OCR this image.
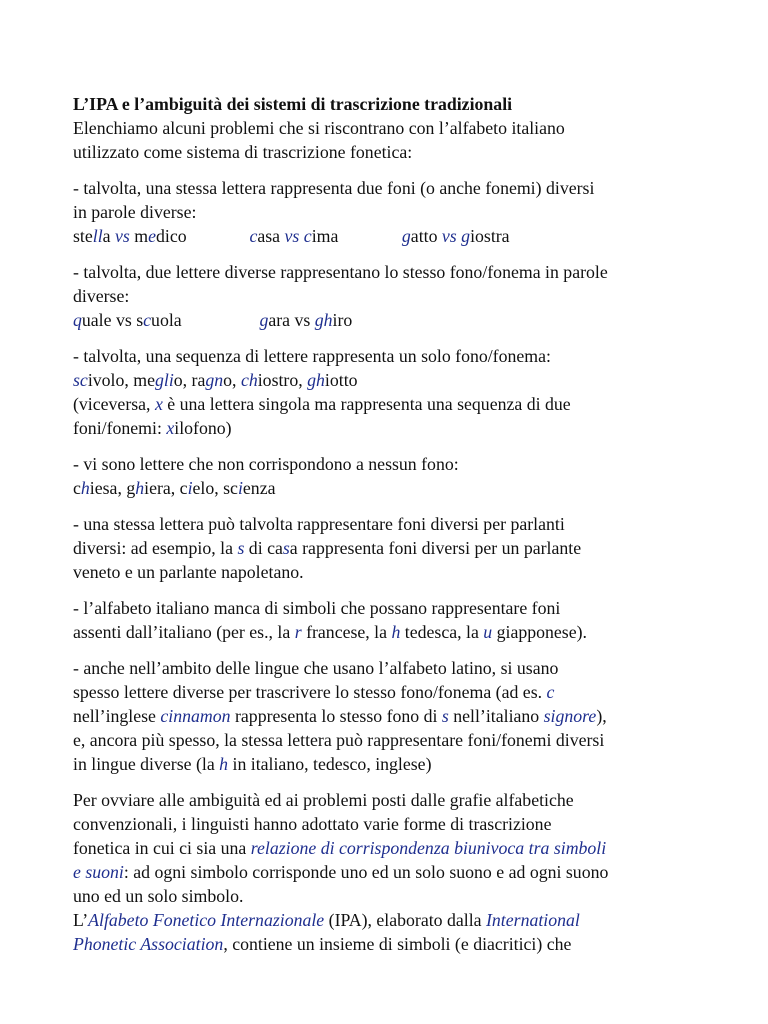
L’IPA e l’ambiguità dei sistemi di trascrizione tradizionali
Elenchiamo alcuni problemi che si riscontrano con l’alfabeto italiano
utilizzato come sistema di trascrizione fonetica:
- talvolta, una stessa lettera rappresenta due foni (o anche fonemi) diversi
in parole diverse:
stella vs medico	casa vs cima	gatto vs giostra
- talvolta, due lettere diverse rappresentano lo stesso fono/fonema in parole
diverse:
quale vs scuola	gara vs ghiro
- talvolta, una sequenza di lettere rappresenta un solo fono/fonema:
scivolo, meglio, ragno, chiostro, ghiotto
(viceversa, x è una lettera singola ma rappresenta una sequenza di due
foni/fonemi: xilofono)
- vi sono lettere che non corrispondono a nessun fono:
chiesa, ghiera, cielo, scienza
- una stessa lettera può talvolta rappresentare foni diversi per parlanti
diversi: ad esempio, la s di casa rappresenta foni diversi per un parlante
veneto e un parlante napoletano.
- l’alfabeto italiano manca di simboli che possano rappresentare foni
assenti dall’italiano (per es., la r francese, la h tedesca, la u giapponese).
- anche nell’ambito delle lingue che usano l’alfabeto latino, si usano
spesso lettere diverse per trascrivere lo stesso fono/fonema (ad es. c
nell’inglese cinnamon rappresenta lo stesso fono di s nell’italiano signore),
e, ancora più spesso, la stessa lettera può rappresentare foni/fonemi diversi
in lingue diverse (la h in italiano, tedesco, inglese)
Per ovviare alle ambiguità ed ai problemi posti dalle grafie alfabetiche
convenzionali, i linguisti hanno adottato varie forme di trascrizione
fonetica in cui ci sia una relazione di corrispondenza biunivoca tra simboli
e suoni: ad ogni simbolo corrisponde uno ed un solo suono e ad ogni suono
uno ed un solo simbolo.
L’Alfabeto Fonetico Internazionale (IPA), elaborato dalla International
Phonetic Association, contiene un insieme di simboli (e diacritici) che
